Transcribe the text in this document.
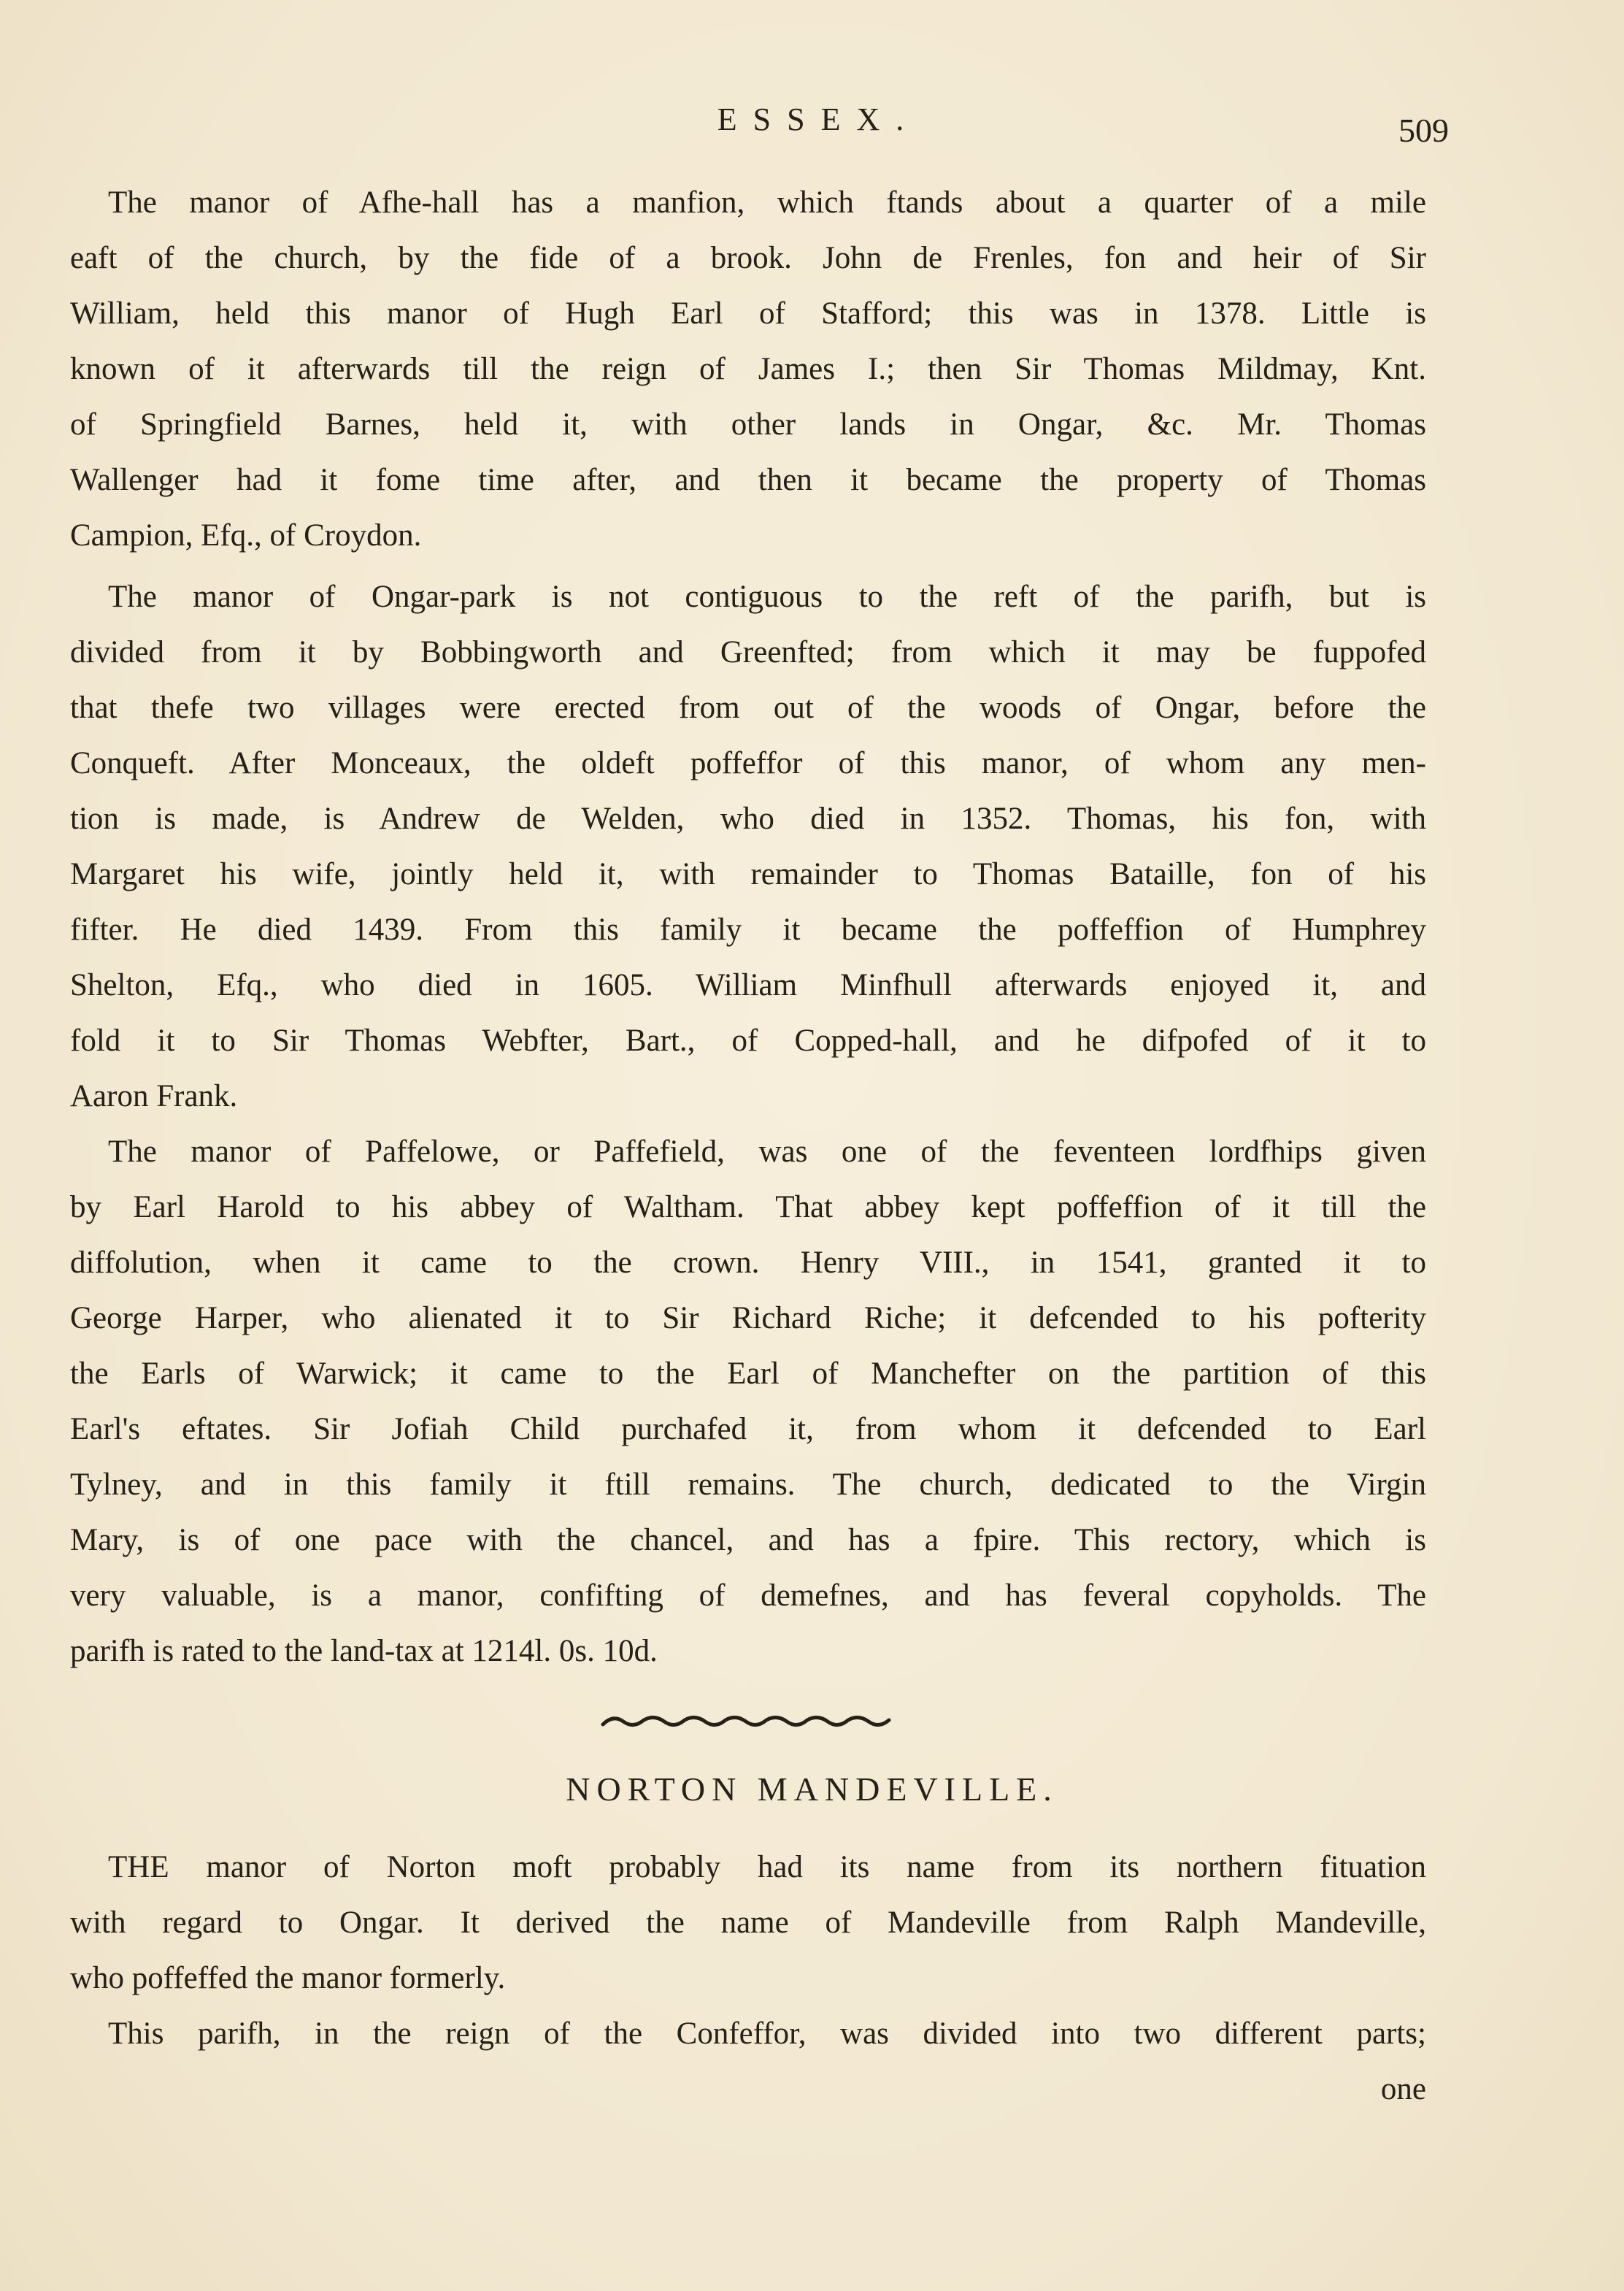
ESSEX.	509
The manor of Afhe-hall has a manfion, which ftands about a quarter of a mile
eaft of the church, by the fide of a brook. John de Frenles, fon and heir of Sir
William, held this manor of Hugh Earl of Stafford; this was in 1378. Little is
known of it afterwards till the reign of James I.; then Sir Thomas Mildmay, Knt.
of Springfield Barnes, held it, with other lands in Ongar, &c. Mr. Thomas
Wallenger had it fome time after, and then it became the property of Thomas
Campion, Efq., of Croydon.
The manor of Ongar-park is not contiguous to the reft of the parifh, but is
divided from it by Bobbingworth and Greenfted; from which it may be fuppofed
that thefe two villages were erected from out of the woods of Ongar, before the
Conqueft. After Monceaux, the oldeft poffeffor of this manor, of whom any men-
tion is made, is Andrew de Welden, who died in 1352. Thomas, his fon, with
Margaret his wife, jointly held it, with remainder to Thomas Bataille, fon of his
fifter. He died 1439. From this family it became the poffeffion of Humphrey
Shelton, Efq., who died in 1605. William Minfhull afterwards enjoyed it, and
fold it to Sir Thomas Webfter, Bart., of Copped-hall, and he difpofed of it to
Aaron Frank.
The manor of Paffelowe, or Paffefield, was one of the feventeen lordfhips given
by Earl Harold to his abbey of Waltham. That abbey kept poffeffion of it till the
diffolution, when it came to the crown. Henry VIII., in 1541, granted it to
George Harper, who alienated it to Sir Richard Riche; it defcended to his pofterity
the Earls of Warwick; it came to the Earl of Manchefter on the partition of this
Earl's eftates. Sir Jofiah Child purchafed it, from whom it defcended to Earl
Tylney, and in this family it ftill remains. The church, dedicated to the Virgin
Mary, is of one pace with the chancel, and has a fpire. This rectory, which is
very valuable, is a manor, confifting of demefnes, and has feveral copyholds. The
parifh is rated to the land-tax at 1214l. 0s. 10d.
NORTON MANDEVILLE.
THE manor of Norton moft probably had its name from its northern fituation
with regard to Ongar. It derived the name of Mandeville from Ralph Mandeville,
who poffeffed the manor formerly.
This parifh, in the reign of the Confeffor, was divided into two different parts;
one
